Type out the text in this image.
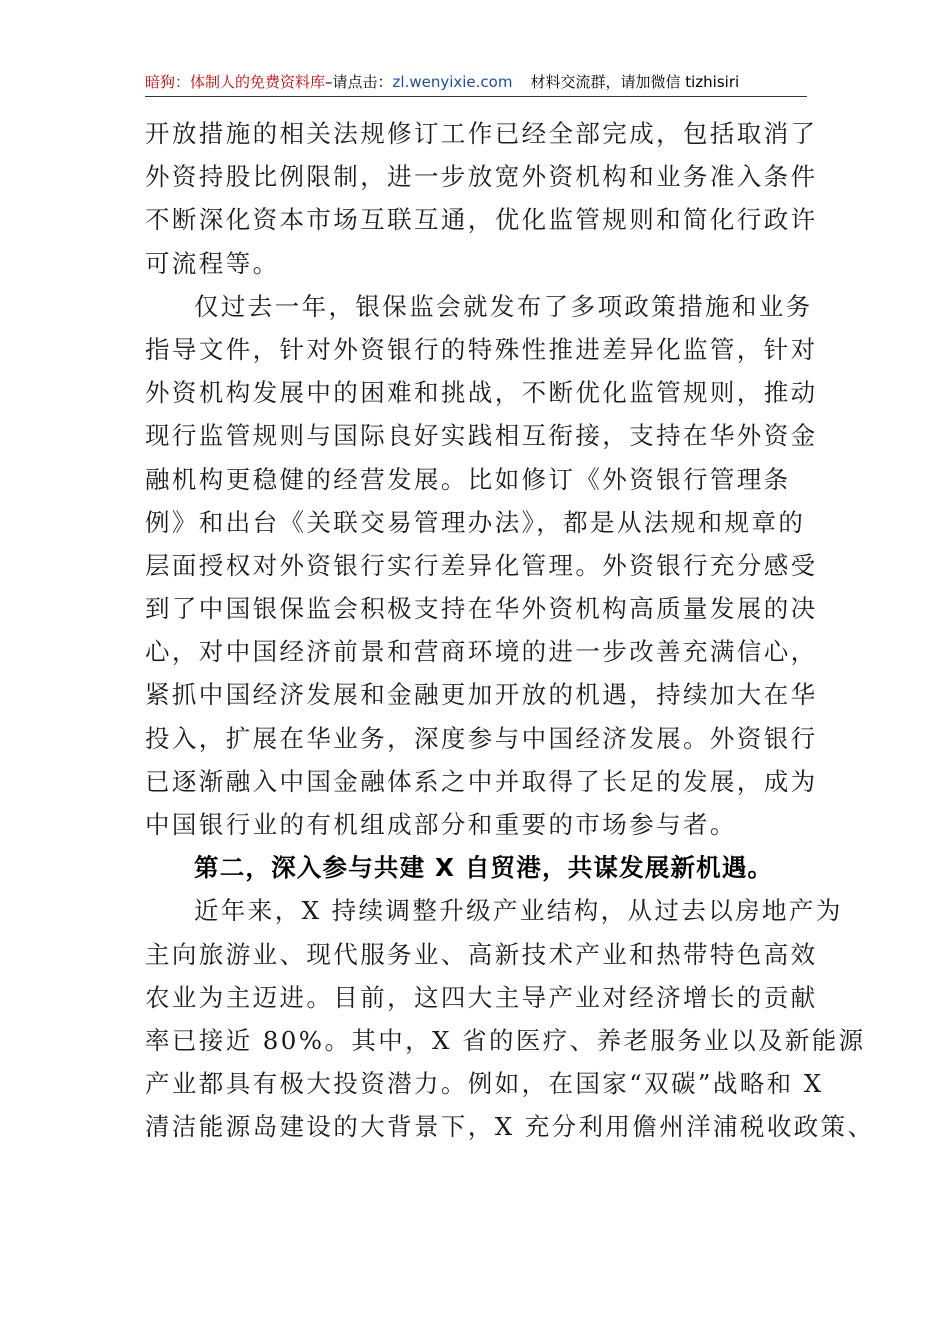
暗狗：体制人的免费资料库–请点击：zl.wenyixie.com 材料交流群，请加微信 tizhisiri
开放措施的相关法规修订工作已经全部完成，包括取消了
外资持股比例限制，进一步放宽外资机构和业务准入条件
不断深化资本市场互联互通，优化监管规则和简化行政许
可流程等。
仅过去一年，银保监会就发布了多项政策措施和业务
指导文件，针对外资银行的特殊性推进差异化监管，针对
外资机构发展中的困难和挑战，不断优化监管规则，推动
现行监管规则与国际良好实践相互衔接，支持在华外资金
融机构更稳健的经营发展。比如修订《外资银行管理条
例》和出台《关联交易管理办法》，都是从法规和规章的
层面授权对外资银行实行差异化管理。外资银行充分感受
到了中国银保监会积极支持在华外资机构高质量发展的决
心，对中国经济前景和营商环境的进一步改善充满信心，
紧抓中国经济发展和金融更加开放的机遇，持续加大在华
投入，扩展在华业务，深度参与中国经济发展。外资银行
已逐渐融入中国金融体系之中并取得了长足的发展，成为
中国银行业的有机组成部分和重要的市场参与者。
第二，深入参与共建 X 自贸港，共谋发展新机遇。
近年来，X 持续调整升级产业结构，从过去以房地产为
主向旅游业、现代服务业、高新技术产业和热带特色高效
农业为主迈进。目前，这四大主导产业对经济增长的贡献
率已接近 80%。其中，X 省的医疗、养老服务业以及新能源
产业都具有极大投资潜力。例如，在国家“双碳”战略和 X
清洁能源岛建设的大背景下，X 充分利用儋州洋浦税收政策、
